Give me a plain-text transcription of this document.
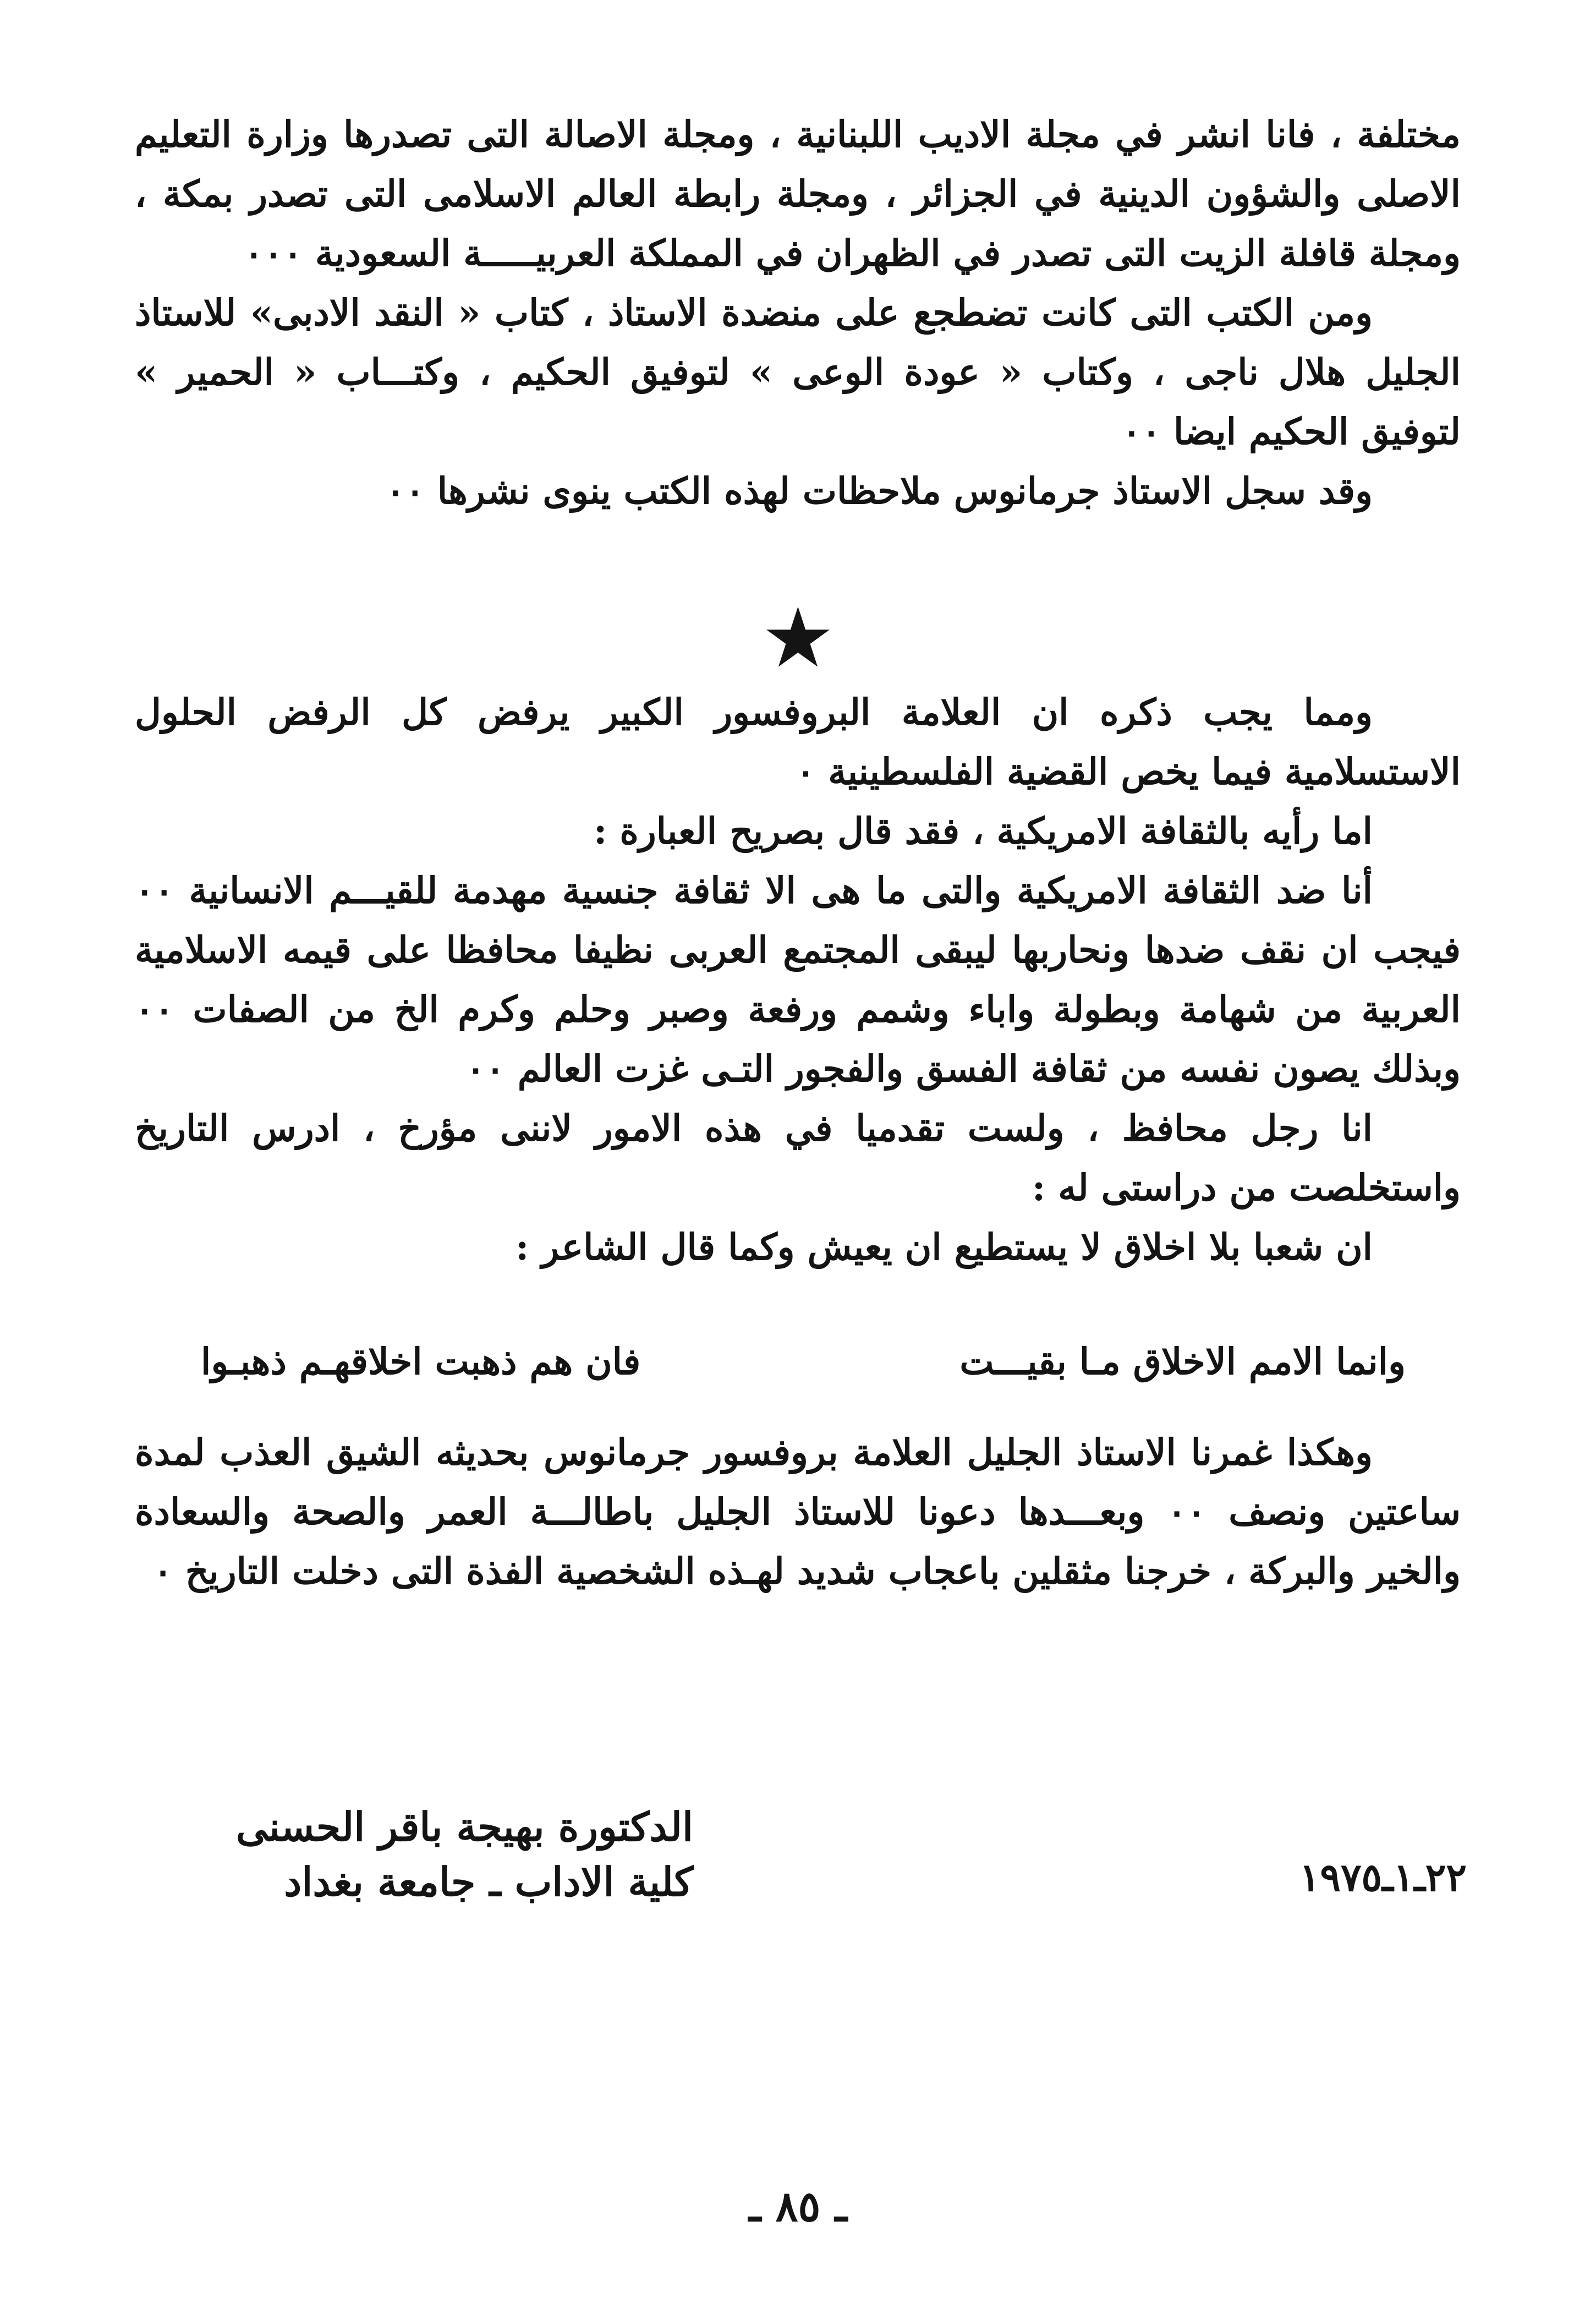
مختلفة ، فانا انشر في مجلة الاديب اللبنانية ، ومجلة الاصالة التى تصدرها وزارة التعليم الاصلى والشؤون الدينية في الجزائر ، ومجلة رابطة العالم الاسلامى التى تصدر بمكة ، ومجلة قافلة الزيت التى تصدر في الظهران في المملكة العربيـــــة السعودية ٠٠٠

ومن الكتب التى كانت تضطجع على منضدة الاستاذ ، كتاب « النقد الادبى» للاستاذ الجليل هلال ناجى ، وكتاب « عودة الوعى » لتوفيق الحكيم ، وكتـــاب « الحمير » لتوفيق الحكيم ايضا ٠٠

وقد سجل الاستاذ جرمانوس ملاحظات لهذه الكتب ينوى نشرها ٠٠

★

ومما يجب ذكره ان العلامة البروفسور الكبير يرفض كل الرفض الحلول الاستسلامية فيما يخص القضية الفلسطينية ٠

اما رأيه بالثقافة الامريكية ، فقد قال بصريح العبارة :

أنا ضد الثقافة الامريكية والتى ما هى الا ثقافة جنسية مهدمة للقيـــم الانسانية ٠٠ فيجب ان نقف ضدها ونحاربها ليبقى المجتمع العربى نظيفا محافظا على قيمه الاسلامية العربية من شهامة وبطولة واباء وشمم ورفعة وصبر وحلم وكرم الخ من الصفات ٠٠ وبذلك يصون نفسه من ثقافة الفسق والفجور التـى غزت العالم ٠٠

انا رجل محافظ ، ولست تقدميا في هذه الامور لاننى مؤرخ ، ادرس التاريخ واستخلصت من دراستى له :

ان شعبا بلا اخلاق لا يستطيع ان يعيش وكما قال الشاعر :

وانما الامم الاخلاق مـا بقيـــت
فان هم ذهبت اخلاقهـم ذهبـوا

وهكذا غمرنا الاستاذ الجليل العلامة بروفسور جرمانوس بحديثه الشيق العذب لمدة ساعتين ونصف ٠٠ وبعـــدها دعونا للاستاذ الجليل باطالـــة العمر والصحة والسعادة والخير والبركة ، خرجنا مثقلين باعجاب شديد لهـذه الشخصية الفذة التى دخلت التاريخ ٠

الدكتورة بهيجة باقر الحسنى
كلية الاداب ـ جامعة بغداد	٢٢ـ١ـ١٩٧٥
ـ ٨٥ ـ
